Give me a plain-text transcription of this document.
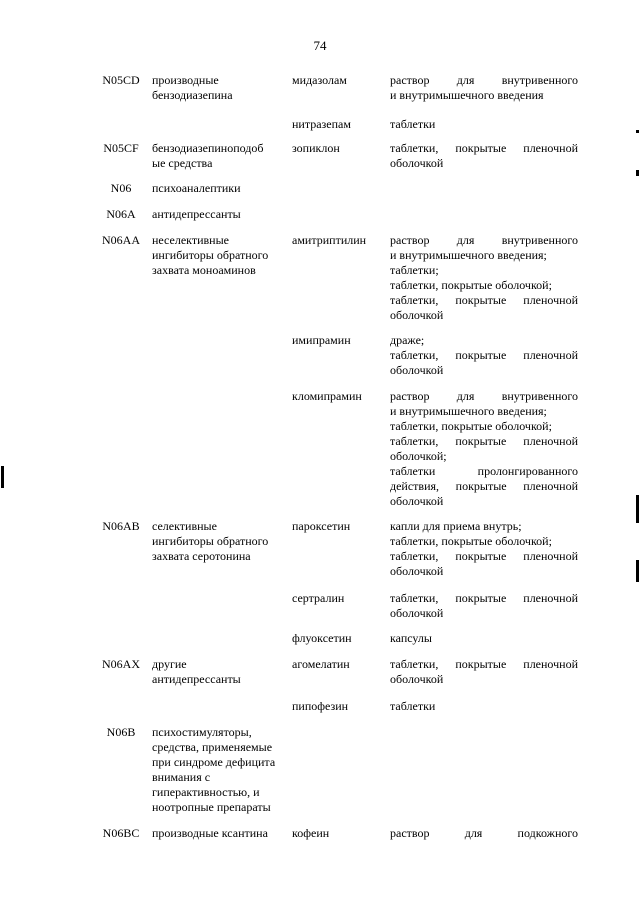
74
N05CD	производные
бензодиазепина
мидазолам	раствор для внутривенного
и внутримышечного введения
нитразепам	таблетки
N05CF	бензодиазепиноподоб
ые средства
зопиклон	таблетки, покрытые пленочной
оболочкой
N06	психоаналептики
N06A	антидепрессанты
N06AA	неселективные
ингибиторы обратного
захвата моноаминов
амитриптилин	раствор для внутривенного
и внутримышечного введения;
таблетки;
таблетки, покрытые оболочкой;
таблетки, покрытые пленочной
оболочкой
имипрамин	драже;
таблетки, покрытые пленочной
оболочкой
кломипрамин	раствор для внутривенного
и внутримышечного введения;
таблетки, покрытые оболочкой;
таблетки, покрытые пленочной
оболочкой;
таблетки пролонгированного
действия, покрытые пленочной
оболочкой
N06AB	селективные
ингибиторы обратного
захвата серотонина
пароксетин	капли для приема внутрь;
таблетки, покрытые оболочкой;
таблетки, покрытые пленочной
оболочкой
сертралин	таблетки, покрытые пленочной
оболочкой
флуоксетин	капсулы
N06AX	другие
антидепрессанты
агомелатин	таблетки, покрытые пленочной
оболочкой
пипофезин	таблетки
N06B	психостимуляторы,
средства, применяемые
при синдроме дефицита
внимания с
гиперактивностью, и
ноотропные препараты
N06BC	производные ксантина	кофеин	раствор для подкожного
